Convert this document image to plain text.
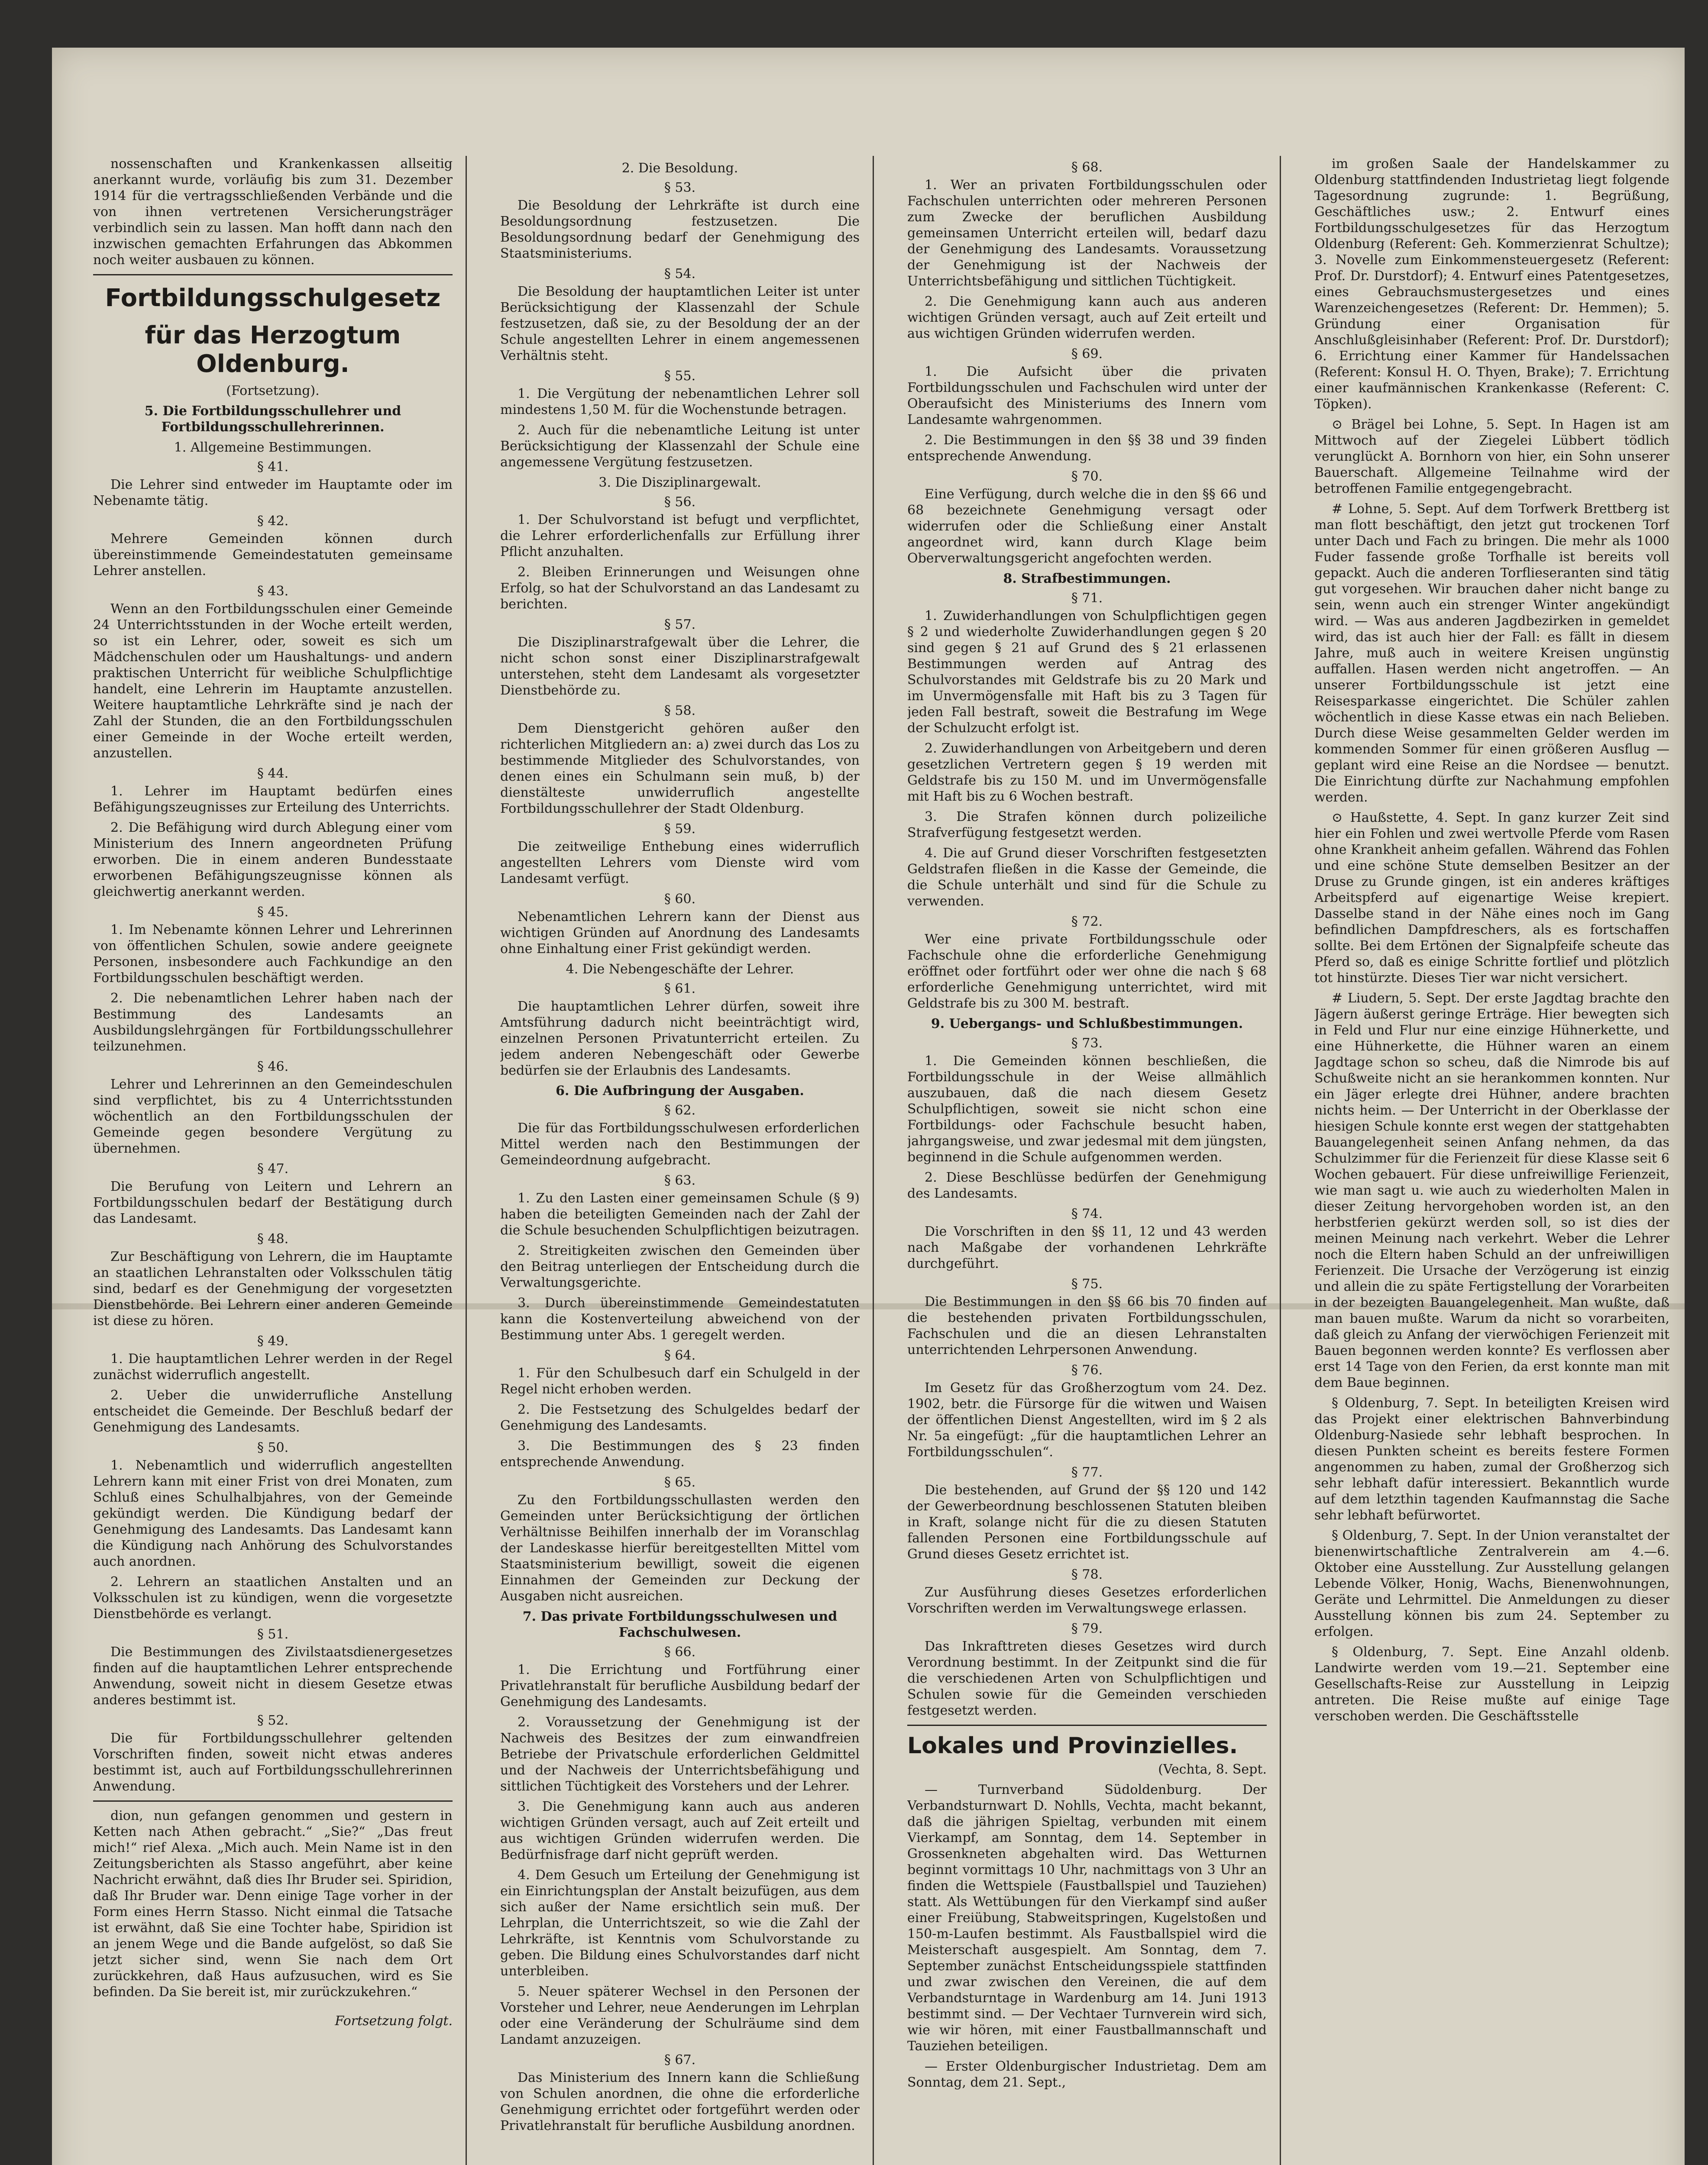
nossenschaften und Krankenkassen allseitig anerkannt wurde, vorläufig bis zum 31. Dezember 1914 für die vertragsschließenden Verbände und die von ihnen vertretenen Versicherungsträger verbindlich sein zu lassen. Man hofft dann nach den inzwischen gemachten Erfahrungen das Abkommen noch weiter ausbauen zu können.

Fortbildungsschulgesetz
für das Herzogtum Oldenburg.

(Fortsetzung).

5. Die Fortbildungsschullehrer und Fortbildungsschullehrerinnen.

1. Allgemeine Bestimmungen.

§ 41.

Die Lehrer sind entweder im Hauptamte oder im Nebenamte tätig.

§ 42.

Mehrere Gemeinden können durch übereinstimmende Gemeindestatuten gemeinsame Lehrer anstellen.

§ 43.

Wenn an den Fortbildungsschulen einer Gemeinde 24 Unterrichtsstunden in der Woche erteilt werden, so ist ein Lehrer, oder, soweit es sich um Mädchenschulen oder um Haushaltungs- und andern praktischen Unterricht für weibliche Schulpflichtige handelt, eine Lehrerin im Hauptamte anzustellen. Weitere hauptamtliche Lehrkräfte sind je nach der Zahl der Stunden, die an den Fortbildungsschulen einer Gemeinde in der Woche erteilt werden, anzustellen.

§ 44.

1. Lehrer im Hauptamt bedürfen eines Befähigungszeugnisses zur Erteilung des Unterrichts.

2. Die Befähigung wird durch Ablegung einer vom Ministerium des Innern angeordneten Prüfung erworben. Die in einem anderen Bundesstaate erworbenen Befähigungszeugnisse können als gleichwertig anerkannt werden.

§ 45.

1. Im Nebenamte können Lehrer und Lehrerinnen von öffentlichen Schulen, sowie andere geeignete Personen, insbesondere auch Fachkundige an den Fortbildungsschulen beschäftigt werden.

2. Die nebenamtlichen Lehrer haben nach der Bestimmung des Landesamts an Ausbildungslehrgängen für Fortbildungsschullehrer teilzunehmen.

§ 46.

Lehrer und Lehrerinnen an den Gemeindeschulen sind verpflichtet, bis zu 4 Unterrichtsstunden wöchentlich an den Fortbildungsschulen der Gemeinde gegen besondere Vergütung zu übernehmen.

§ 47.

Die Berufung von Leitern und Lehrern an Fortbildungsschulen bedarf der Bestätigung durch das Landesamt.

§ 48.

Zur Beschäftigung von Lehrern, die im Hauptamte an staatlichen Lehranstalten oder Volksschulen tätig sind, bedarf es der Genehmigung der vorgesetzten Dienstbehörde. Bei Lehrern einer anderen Gemeinde ist diese zu hören.

§ 49.

1. Die hauptamtlichen Lehrer werden in der Regel zunächst widerruflich angestellt.

2. Ueber die unwiderrufliche Anstellung entscheidet die Gemeinde. Der Beschluß bedarf der Genehmigung des Landesamts.

§ 50.

1. Nebenamtlich und widerruflich angestellten Lehrern kann mit einer Frist von drei Monaten, zum Schluß eines Schulhalbjahres, von der Gemeinde gekündigt werden. Die Kündigung bedarf der Genehmigung des Landesamts. Das Landesamt kann die Kündigung nach Anhörung des Schulvorstandes auch anordnen.

2. Lehrern an staatlichen Anstalten und an Volksschulen ist zu kündigen, wenn die vorgesetzte Dienstbehörde es verlangt.

§ 51.

Die Bestimmungen des Zivilstaatsdienergesetzes finden auf die hauptamtlichen Lehrer entsprechende Anwendung, soweit nicht in diesem Gesetze etwas anderes bestimmt ist.

§ 52.

Die für Fortbildungsschullehrer geltenden Vorschriften finden, soweit nicht etwas anderes bestimmt ist, auch auf Fortbildungsschullehrerinnen Anwendung.

dion, nun gefangen genommen und gestern in Ketten nach Athen gebracht.“ „Sie?“ „Das freut mich!“ rief Alexa. „Mich auch. Mein Name ist in den Zeitungsberichten als Stasso angeführt, aber keine Nachricht erwähnt, daß dies Ihr Bruder sei. Spiridion, daß Ihr Bruder war. Denn einige Tage vorher in der Form eines Herrn Stasso. Nicht einmal die Tatsache ist erwähnt, daß Sie eine Tochter habe, Spiridion ist an jenem Wege und die Bande aufgelöst, so daß Sie jetzt sicher sind, wenn Sie nach dem Ort zurückkehren, daß Haus aufzusuchen, wird es Sie befinden. Da Sie bereit ist, mir zurückzukehren.“

Fortsetzung folgt.

2. Die Besoldung.

§ 53.

Die Besoldung der Lehrkräfte ist durch eine Besoldungsordnung festzusetzen. Die Besoldungsordnung bedarf der Genehmigung des Staatsministeriums.

§ 54.

Die Besoldung der hauptamtlichen Leiter ist unter Berücksichtigung der Klassenzahl der Schule festzusetzen, daß sie, zu der Besoldung der an der Schule angestellten Lehrer in einem angemessenen Verhältnis steht.

§ 55.

1. Die Vergütung der nebenamtlichen Lehrer soll mindestens 1,50 M. für die Wochenstunde betragen.

2. Auch für die nebenamtliche Leitung ist unter Berücksichtigung der Klassenzahl der Schule eine angemessene Vergütung festzusetzen.

3. Die Disziplinargewalt.

§ 56.

1. Der Schulvorstand ist befugt und verpflichtet, die Lehrer erforderlichenfalls zur Erfüllung ihrer Pflicht anzuhalten.

2. Bleiben Erinnerungen und Weisungen ohne Erfolg, so hat der Schulvorstand an das Landesamt zu berichten.

§ 57.

Die Disziplinarstrafgewalt über die Lehrer, die nicht schon sonst einer Disziplinarstrafgewalt unterstehen, steht dem Landesamt als vorgesetzter Dienstbehörde zu.

§ 58.

Dem Dienstgericht gehören außer den richterlichen Mitgliedern an: a) zwei durch das Los zu bestimmende Mitglieder des Schulvorstandes, von denen eines ein Schulmann sein muß, b) der dienstälteste unwiderruflich angestellte Fortbildungsschullehrer der Stadt Oldenburg.

§ 59.

Die zeitweilige Enthebung eines widerruflich angestellten Lehrers vom Dienste wird vom Landesamt verfügt.

§ 60.

Nebenamtlichen Lehrern kann der Dienst aus wichtigen Gründen auf Anordnung des Landesamts ohne Einhaltung einer Frist gekündigt werden.

4. Die Nebengeschäfte der Lehrer.

§ 61.

Die hauptamtlichen Lehrer dürfen, soweit ihre Amtsführung dadurch nicht beeinträchtigt wird, einzelnen Personen Privatunterricht erteilen. Zu jedem anderen Nebengeschäft oder Gewerbe bedürfen sie der Erlaubnis des Landesamts.

6. Die Aufbringung der Ausgaben.

§ 62.

Die für das Fortbildungsschulwesen erforderlichen Mittel werden nach den Bestimmungen der Gemeindeordnung aufgebracht.

§ 63.

1. Zu den Lasten einer gemeinsamen Schule (§ 9) haben die beteiligten Gemeinden nach der Zahl der die Schule besuchenden Schulpflichtigen beizutragen.

2. Streitigkeiten zwischen den Gemeinden über den Beitrag unterliegen der Entscheidung durch die Verwaltungsgerichte.

3. Durch übereinstimmende Gemeindestatuten kann die Kostenverteilung abweichend von der Bestimmung unter Abs. 1 geregelt werden.

§ 64.

1. Für den Schulbesuch darf ein Schulgeld in der Regel nicht erhoben werden.

2. Die Festsetzung des Schulgeldes bedarf der Genehmigung des Landesamts.

3. Die Bestimmungen des § 23 finden entsprechende Anwendung.

§ 65.

Zu den Fortbildungsschullasten werden den Gemeinden unter Berücksichtigung der örtlichen Verhältnisse Beihilfen innerhalb der im Voranschlag der Landeskasse hierfür bereitgestellten Mittel vom Staatsministerium bewilligt, soweit die eigenen Einnahmen der Gemeinden zur Deckung der Ausgaben nicht ausreichen.

7. Das private Fortbildungsschulwesen und Fachschulwesen.

§ 66.

1. Die Errichtung und Fortführung einer Privatlehranstalt für berufliche Ausbildung bedarf der Genehmigung des Landesamts.

2. Voraussetzung der Genehmigung ist der Nachweis des Besitzes der zum einwandfreien Betriebe der Privatschule erforderlichen Geldmittel und der Nachweis der Unterrichtsbefähigung und sittlichen Tüchtigkeit des Vorstehers und der Lehrer.

3. Die Genehmigung kann auch aus anderen wichtigen Gründen versagt, auch auf Zeit erteilt und aus wichtigen Gründen widerrufen werden. Die Bedürfnisfrage darf nicht geprüft werden.

4. Dem Gesuch um Erteilung der Genehmigung ist ein Einrichtungsplan der Anstalt beizufügen, aus dem sich außer der Name ersichtlich sein muß. Der Lehrplan, die Unterrichtszeit, so wie die Zahl der Lehrkräfte, ist Kenntnis vom Schulvorstande zu geben. Die Bildung eines Schulvorstandes darf nicht unterbleiben.

5. Neuer späterer Wechsel in den Personen der Vorsteher und Lehrer, neue Aenderungen im Lehrplan oder eine Veränderung der Schulräume sind dem Landamt anzuzeigen.

§ 67.

Das Ministerium des Innern kann die Schließung von Schulen anordnen, die ohne die erforderliche Genehmigung errichtet oder fortgeführt werden oder Privatlehranstalt für berufliche Ausbildung anordnen.

§ 68.

1. Wer an privaten Fortbildungsschulen oder Fachschulen unterrichten oder mehreren Personen zum Zwecke der beruflichen Ausbildung gemeinsamen Unterricht erteilen will, bedarf dazu der Genehmigung des Landesamts. Voraussetzung der Genehmigung ist der Nachweis der Unterrichtsbefähigung und sittlichen Tüchtigkeit.

2. Die Genehmigung kann auch aus anderen wichtigen Gründen versagt, auch auf Zeit erteilt und aus wichtigen Gründen widerrufen werden.

§ 69.

1. Die Aufsicht über die privaten Fortbildungsschulen und Fachschulen wird unter der Oberaufsicht des Ministeriums des Innern vom Landesamte wahrgenommen.

2. Die Bestimmungen in den §§ 38 und 39 finden entsprechende Anwendung.

§ 70.

Eine Verfügung, durch welche die in den §§ 66 und 68 bezeichnete Genehmigung versagt oder widerrufen oder die Schließung einer Anstalt angeordnet wird, kann durch Klage beim Oberverwaltungsgericht angefochten werden.

8. Strafbestimmungen.

§ 71.

1. Zuwiderhandlungen von Schulpflichtigen gegen § 2 und wiederholte Zuwiderhandlungen gegen § 20 sind gegen § 21 auf Grund des § 21 erlassenen Bestimmungen werden auf Antrag des Schulvorstandes mit Geldstrafe bis zu 20 Mark und im Unvermögensfalle mit Haft bis zu 3 Tagen für jeden Fall bestraft, soweit die Bestrafung im Wege der Schulzucht erfolgt ist.

2. Zuwiderhandlungen von Arbeitgebern und deren gesetzlichen Vertretern gegen § 19 werden mit Geldstrafe bis zu 150 M. und im Unvermögensfalle mit Haft bis zu 6 Wochen bestraft.

3. Die Strafen können durch polizeiliche Strafverfügung festgesetzt werden.

4. Die auf Grund dieser Vorschriften festgesetzten Geldstrafen fließen in die Kasse der Gemeinde, die die Schule unterhält und sind für die Schule zu verwenden.

§ 72.

Wer eine private Fortbildungsschule oder Fachschule ohne die erforderliche Genehmigung eröffnet oder fortführt oder wer ohne die nach § 68 erforderliche Genehmigung unterrichtet, wird mit Geldstrafe bis zu 300 M. bestraft.

9. Uebergangs- und Schlußbestimmungen.

§ 73.

1. Die Gemeinden können beschließen, die Fortbildungsschule in der Weise allmählich auszubauen, daß die nach diesem Gesetz Schulpflichtigen, soweit sie nicht schon eine Fortbildungs- oder Fachschule besucht haben, jahrgangsweise, und zwar jedesmal mit dem jüngsten, beginnend in die Schule aufgenommen werden.

2. Diese Beschlüsse bedürfen der Genehmigung des Landesamts.

§ 74.

Die Vorschriften in den §§ 11, 12 und 43 werden nach Maßgabe der vorhandenen Lehrkräfte durchgeführt.

§ 75.

Die Bestimmungen in den §§ 66 bis 70 finden auf die bestehenden privaten Fortbildungsschulen, Fachschulen und die an diesen Lehranstalten unterrichtenden Lehrpersonen Anwendung.

§ 76.

Im Gesetz für das Großherzogtum vom 24. Dez. 1902, betr. die Fürsorge für die witwen und Waisen der öffentlichen Dienst Angestellten, wird im § 2 als Nr. 5a eingefügt: „für die hauptamtlichen Lehrer an Fortbildungsschulen“.

§ 77.

Die bestehenden, auf Grund der §§ 120 und 142 der Gewerbeordnung beschlossenen Statuten bleiben in Kraft, solange nicht für die zu diesen Statuten fallenden Personen eine Fortbildungsschule auf Grund dieses Gesetz errichtet ist.

§ 78.

Zur Ausführung dieses Gesetzes erforderlichen Vorschriften werden im Verwaltungswege erlassen.

§ 79.

Das Inkrafttreten dieses Gesetzes wird durch Verordnung bestimmt. In der Zeitpunkt sind die für die verschiedenen Arten von Schulpflichtigen und Schulen sowie für die Gemeinden verschieden festgesetzt werden.

Lokales und Provinzielles.

(Vechta, 8. Sept.

— Turnverband Südoldenburg. Der Verbandsturnwart D. Nohlls, Vechta, macht bekannt, daß die jährigen Spieltag, verbunden mit einem Vierkampf, am Sonntag, dem 14. September in Grossenkneten abgehalten wird. Das Wetturnen beginnt vormittags 10 Uhr, nachmittags von 3 Uhr an finden die Wettspiele (Faustballspiel und Tauziehen) statt. Als Wettübungen für den Vierkampf sind außer einer Freiübung, Stabweitspringen, Kugelstoßen und 150-m-Laufen bestimmt. Als Faustballspiel wird die Meisterschaft ausgespielt. Am Sonntag, dem 7. September zunächst Entscheidungsspiele stattfinden und zwar zwischen den Vereinen, die auf dem Verbandsturntage in Wardenburg am 14. Juni 1913 bestimmt sind. — Der Vechtaer Turnverein wird sich, wie wir hören, mit einer Faustballmannschaft und Tauziehen beteiligen.

— Erster Oldenburgischer Industrietag. Dem am Sonntag, dem 21. Sept.,

im großen Saale der Handelskammer zu Oldenburg stattfindenden Industrietag liegt folgende Tagesordnung zugrunde: 1. Begrüßung, Geschäftliches usw.; 2. Entwurf eines Fortbildungsschulgesetzes für das Herzogtum Oldenburg (Referent: Geh. Kommerzienrat Schultze); 3. Novelle zum Einkommensteuergesetz (Referent: Prof. Dr. Durstdorf); 4. Entwurf eines Patentgesetzes, eines Gebrauchsmustergesetzes und eines Warenzeichengesetzes (Referent: Dr. Hemmen); 5. Gründung einer Organisation für Anschlußgleisinhaber (Referent: Prof. Dr. Durstdorf); 6. Errichtung einer Kammer für Handelssachen (Referent: Konsul H. O. Thyen, Brake); 7. Errichtung einer kaufmännischen Krankenkasse (Referent: C. Töpken).

⊙ Brägel bei Lohne, 5. Sept. In Hagen ist am Mittwoch auf der Ziegelei Lübbert tödlich verunglückt A. Bornhorn von hier, ein Sohn unserer Bauerschaft. Allgemeine Teilnahme wird der betroffenen Familie entgegengebracht.

# Lohne, 5. Sept. Auf dem Torfwerk Brettberg ist man flott beschäftigt, den jetzt gut trockenen Torf unter Dach und Fach zu bringen. Die mehr als 1000 Fuder fassende große Torfhalle ist bereits voll gepackt. Auch die anderen Torflieseranten sind tätig gut vorgesehen. Wir brauchen daher nicht bange zu sein, wenn auch ein strenger Winter angekündigt wird. — Was aus anderen Jagdbezirken in gemeldet wird, das ist auch hier der Fall: es fällt in diesem Jahre, muß auch in weitere Kreisen ungünstig auffallen. Hasen werden nicht angetroffen. — An unserer Fortbildungsschule ist jetzt eine Reisesparkasse eingerichtet. Die Schüler zahlen wöchentlich in diese Kasse etwas ein nach Belieben. Durch diese Weise gesammelten Gelder werden im kommenden Sommer für einen größeren Ausflug — geplant wird eine Reise an die Nordsee — benutzt. Die Einrichtung dürfte zur Nachahmung empfohlen werden.

⊙ Haußstette, 4. Sept. In ganz kurzer Zeit sind hier ein Fohlen und zwei wertvolle Pferde vom Rasen ohne Krankheit anheim gefallen. Während das Fohlen und eine schöne Stute demselben Besitzer an der Druse zu Grunde gingen, ist ein anderes kräftiges Arbeitspferd auf eigenartige Weise krepiert. Dasselbe stand in der Nähe eines noch im Gang befindlichen Dampfdreschers, als es fortschaffen sollte. Bei dem Ertönen der Signalpfeife scheute das Pferd so, daß es einige Schritte fortlief und plötzlich tot hinstürzte. Dieses Tier war nicht versichert.

# Liudern, 5. Sept. Der erste Jagdtag brachte den Jägern äußerst geringe Erträge. Hier bewegten sich in Feld und Flur nur eine einzige Hühnerkette, und eine Hühnerkette, die Hühner waren an einem Jagdtage schon so scheu, daß die Nimrode bis auf Schußweite nicht an sie herankommen konnten. Nur ein Jäger erlegte drei Hühner, andere brachten nichts heim. — Der Unterricht in der Oberklasse der hiesigen Schule konnte erst wegen der stattgehabten Bauangelegenheit seinen Anfang nehmen, da das Schulzimmer für die Ferienzeit für diese Klasse seit 6 Wochen gebauert. Für diese unfreiwillige Ferienzeit, wie man sagt u. wie auch zu wiederholten Malen in dieser Zeitung hervorgehoben worden ist, an den herbstferien gekürzt werden soll, so ist dies der meinen Meinung nach verkehrt. Weber die Lehrer noch die Eltern haben Schuld an der unfreiwilligen Ferienzeit. Die Ursache der Verzögerung ist einzig und allein die zu späte Fertigstellung der Vorarbeiten in der bezeigten Bauangelegenheit. Man wußte, daß man bauen mußte. Warum da nicht so vorarbeiten, daß gleich zu Anfang der vierwöchigen Ferienzeit mit Bauen begonnen werden konnte? Es verflossen aber erst 14 Tage von den Ferien, da erst konnte man mit dem Baue beginnen.

§ Oldenburg, 7. Sept. In beteiligten Kreisen wird das Projekt einer elektrischen Bahnverbindung Oldenburg-Nasiede sehr lebhaft besprochen. In diesen Punkten scheint es bereits festere Formen angenommen zu haben, zumal der Großherzog sich sehr lebhaft dafür interessiert. Bekanntlich wurde auf dem letzthin tagenden Kaufmannstag die Sache sehr lebhaft befürwortet.

§ Oldenburg, 7. Sept. In der Union veranstaltet der bienenwirtschaftliche Zentralverein am 4.—6. Oktober eine Ausstellung. Zur Ausstellung gelangen Lebende Völker, Honig, Wachs, Bienenwohnungen, Geräte und Lehrmittel. Die Anmeldungen zu dieser Ausstellung können bis zum 24. September zu erfolgen.

§ Oldenburg, 7. Sept. Eine Anzahl oldenb. Landwirte werden vom 19.—21. September eine Gesellschafts-Reise zur Ausstellung in Leipzig antreten. Die Reise mußte auf einige Tage verschoben werden. Die Geschäftsstelle
